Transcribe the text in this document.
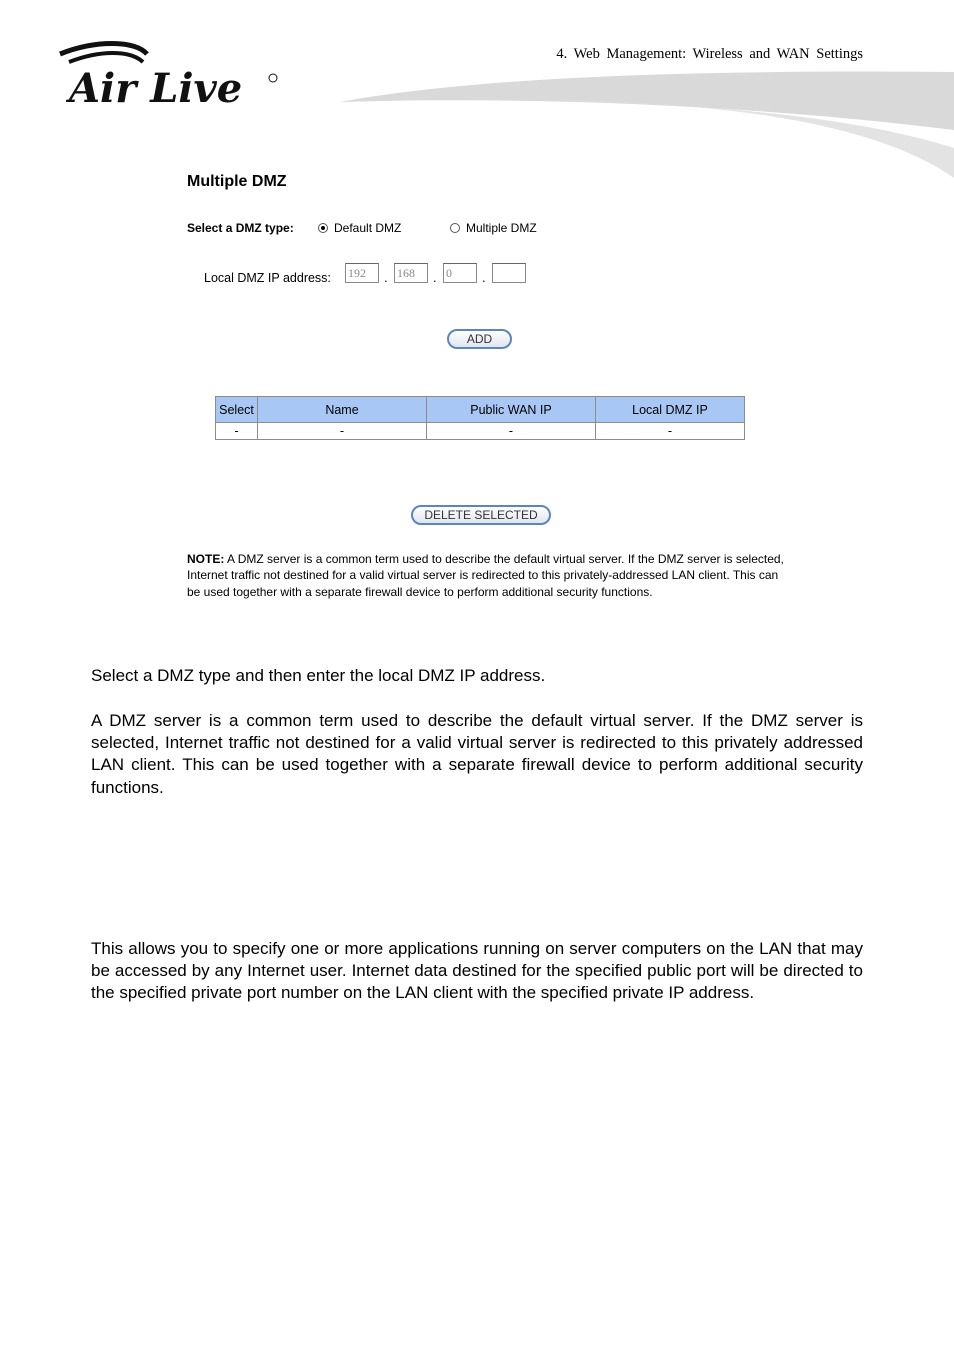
4. Web Management: Wireless and WAN Settings
Air Live
Multiple DMZ
Select a DMZ type:	Default DMZ	Multiple DMZ
Local DMZ IP address:
192	.
168	.
0	.
ADD
Select	Name	Public WAN IP	Local DMZ IP
-	-	-	-
DELETE SELECTED
NOTE: A DMZ server is a common term used to describe the default virtual server. If the DMZ server is selected, Internet traffic not destined for a valid virtual server is redirected to this privately-addressed LAN client. This can be used together with a separate firewall device to perform additional security functions.
Select a DMZ type and then enter the local DMZ IP address.
A DMZ server is a common term used to describe the default virtual server. If the DMZ server is selected, Internet traffic not destined for a valid virtual server is redirected to this privately addressed LAN client. This can be used together with a separate firewall device to perform additional security functions.
This allows you to specify one or more applications running on server computers on the LAN that may be accessed by any Internet user. Internet data destined for the specified public port will be directed to the specified private port number on the LAN client with the specified private IP address.
